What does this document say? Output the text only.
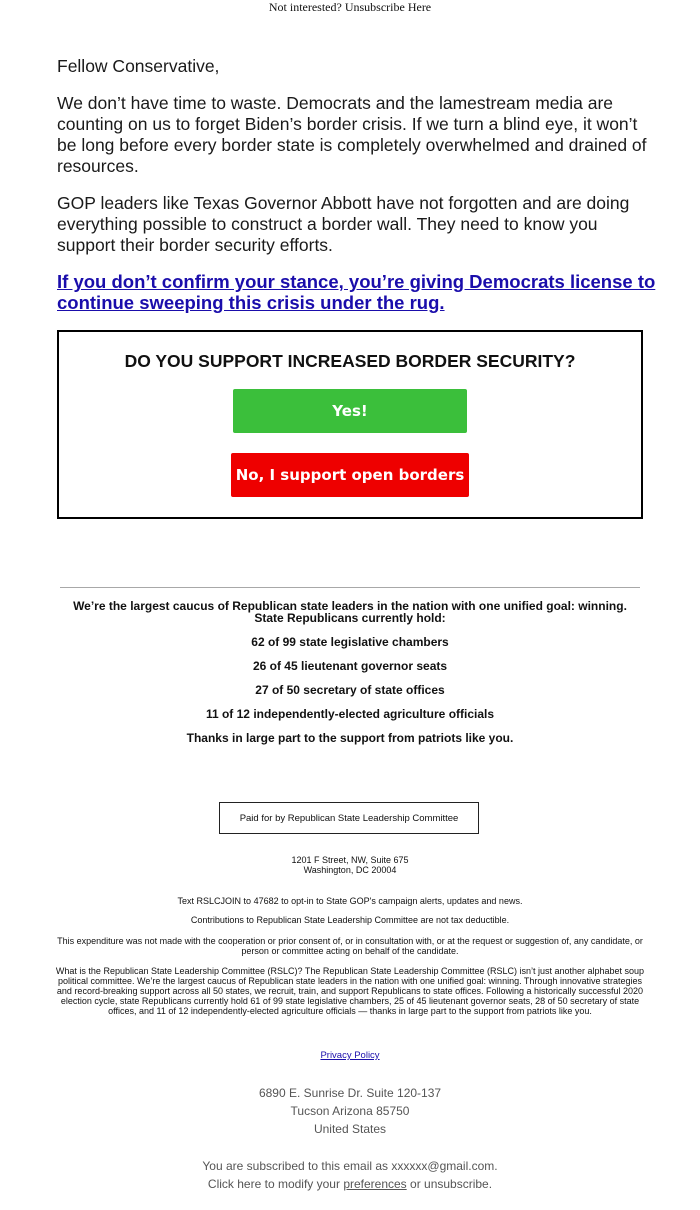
Not interested? Unsubscribe Here

Fellow Conservative,

We don’t have time to waste. Democrats and the lamestream media are counting on us to forget Biden’s border crisis. If we turn a blind eye, it won’t be long before every border state is completely overwhelmed and drained of resources.

GOP leaders like Texas Governor Abbott have not forgotten and are doing everything possible to construct a border wall. They need to know you support their border security efforts.

If you don’t confirm your stance, you’re giving Democrats license to continue sweeping this crisis under the rug.
DO YOU SUPPORT INCREASED BORDER SECURITY?
Yes!
No, I support open borders
We’re the largest caucus of Republican state leaders in the nation with one unified goal: winning.
State Republicans currently hold:
62 of 99 state legislative chambers
26 of 45 lieutenant governor seats
27 of 50 secretary of state offices
11 of 12 independently-elected agriculture officials
Thanks in large part to the support from patriots like you.
Paid for by Republican State Leadership Committee
1201 F Street, NW, Suite 675
Washington, DC 20004
Text RSLCJOIN to 47682 to opt-in to State GOP's campaign alerts, updates and news.
Contributions to Republican State Leadership Committee are not tax deductible.
This expenditure was not made with the cooperation or prior consent of, or in consultation with, or at the request or suggestion of, any candidate, or person or committee acting on behalf of the candidate.
What is the Republican State Leadership Committee (RSLC)? The Republican State Leadership Committee (RSLC) isn’t just another alphabet soup political committee. We’re the largest caucus of Republican state leaders in the nation with one unified goal: winning. Through innovative strategies and record-breaking support across all 50 states, we recruit, train, and support Republicans to state offices. Following a historically successful 2020 election cycle, state Republicans currently hold 61 of 99 state legislative chambers, 25 of 45 lieutenant governor seats, 28 of 50 secretary of state offices, and 11 of 12 independently-elected agriculture officials — thanks in large part to the support from patriots like you.
Privacy Policy
6890 E. Sunrise Dr. Suite 120-137
Tucson Arizona 85750
United States
You are subscribed to this email as xxxxxx@gmail.com.
Click here to modify your preferences or unsubscribe.
